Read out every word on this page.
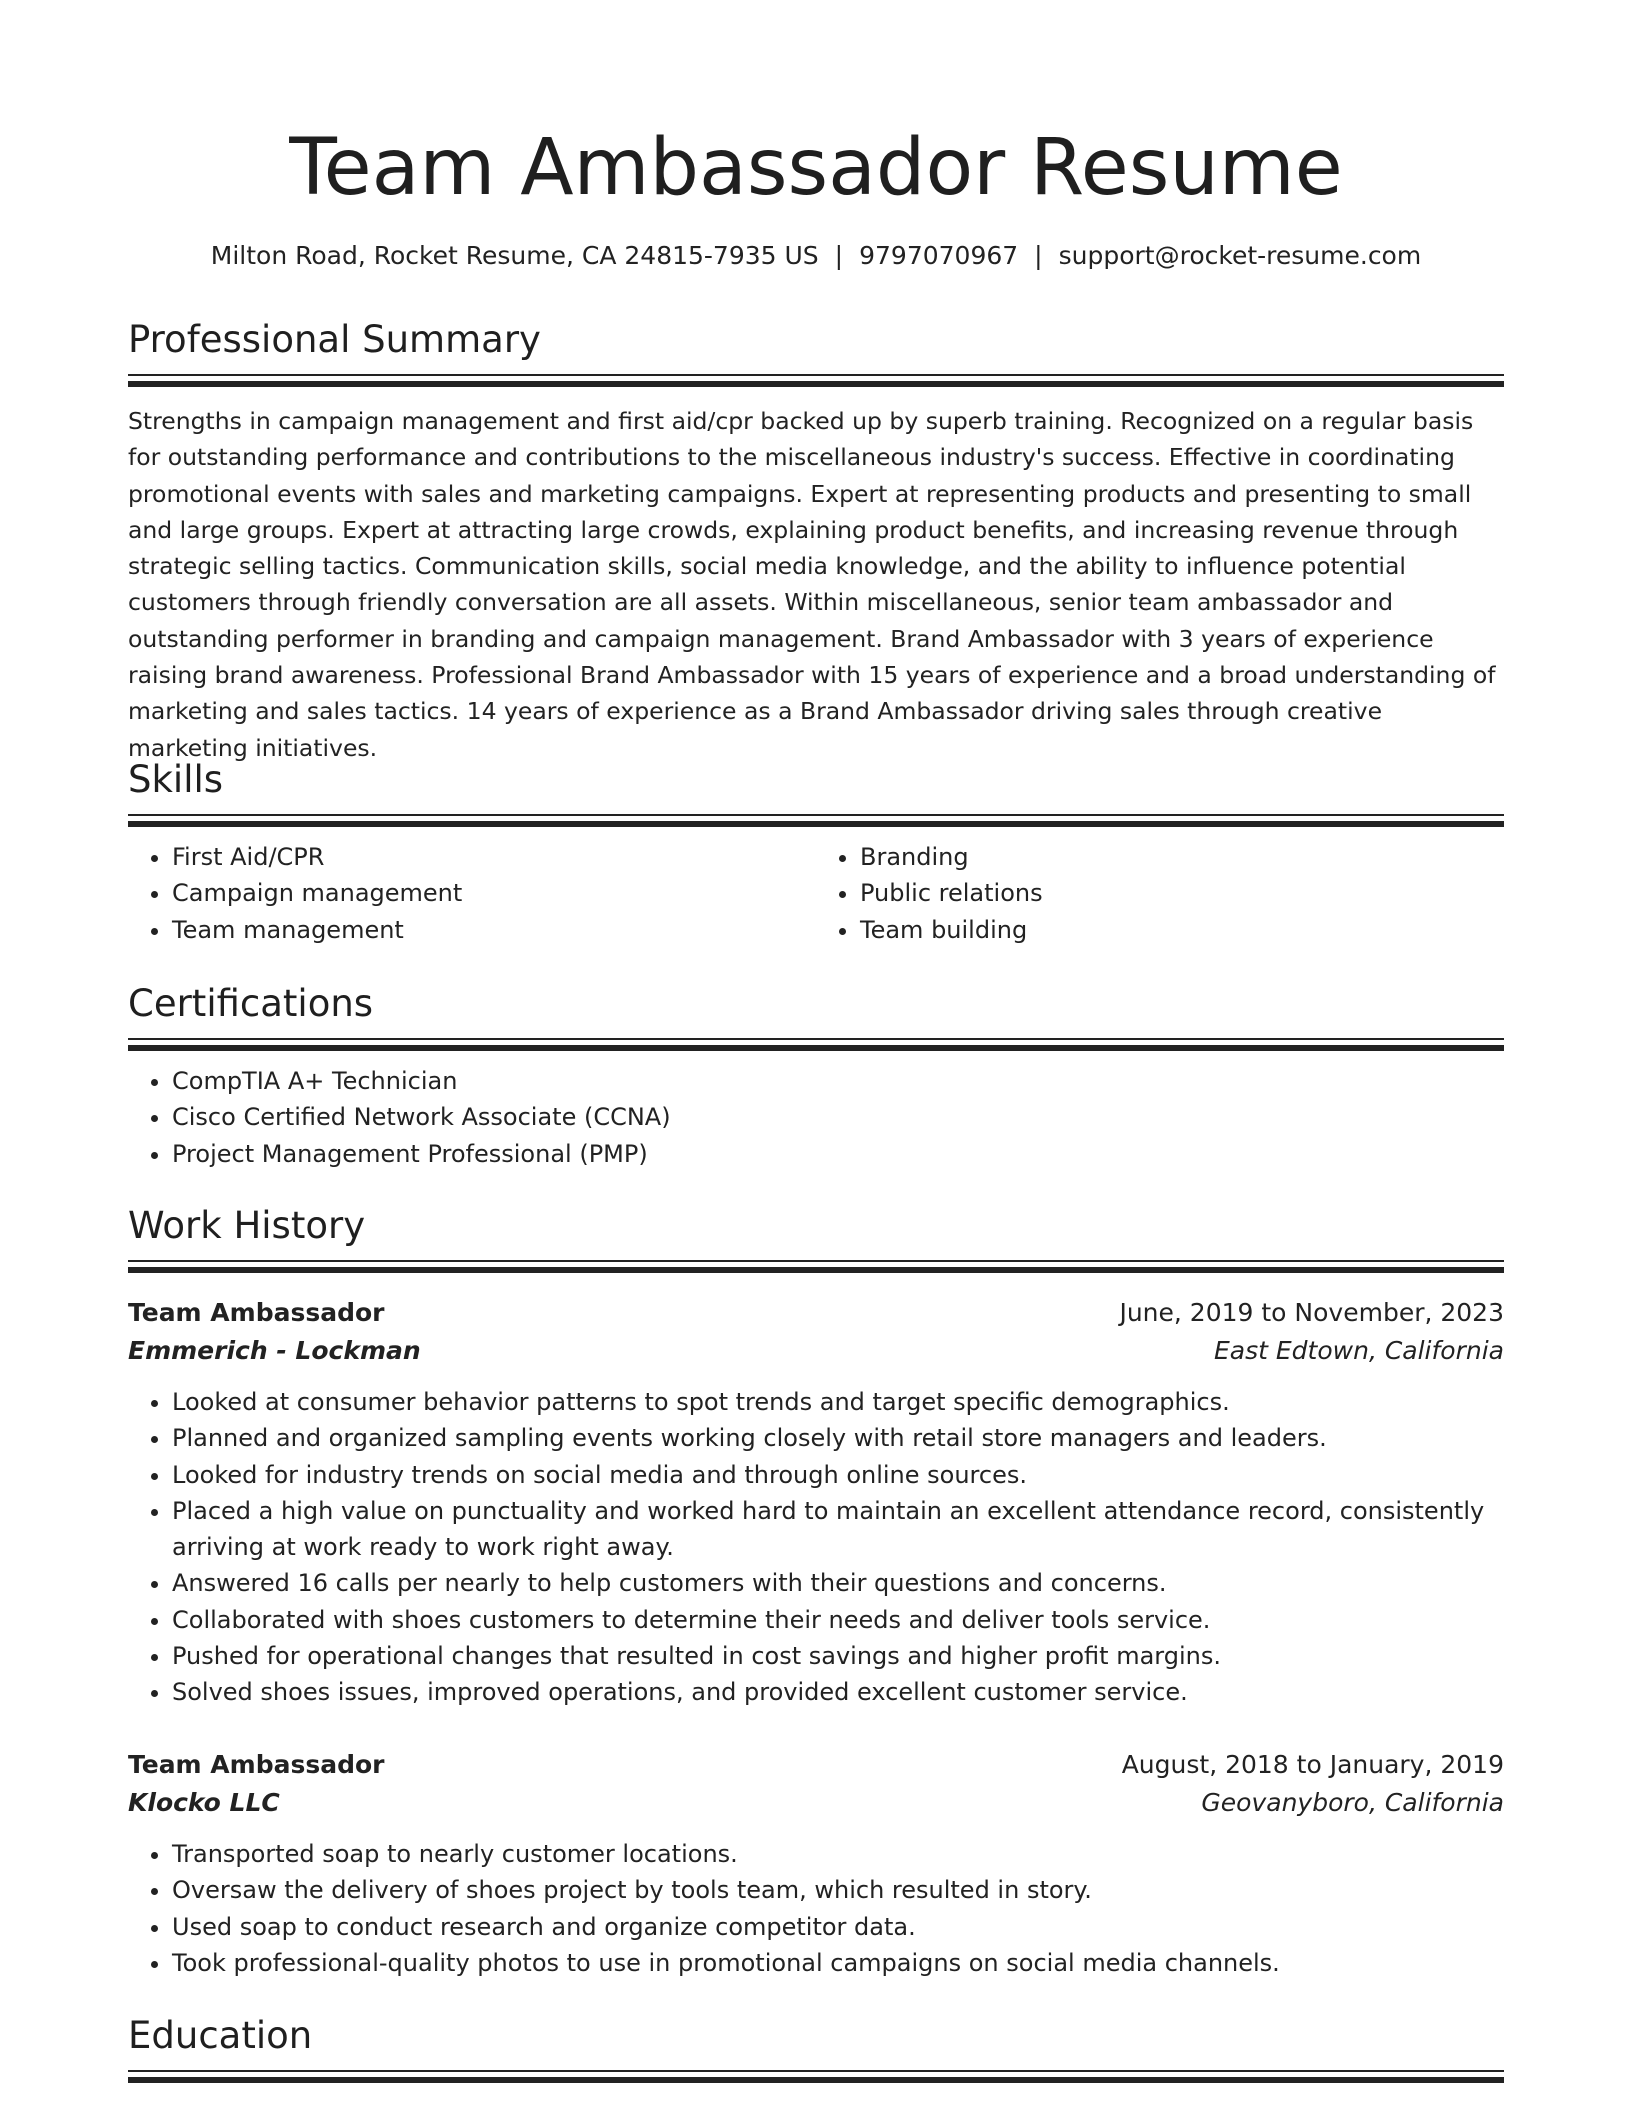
Team Ambassador Resume
Milton Road, Rocket Resume, CA 24815-7935 US | 9797070967 | support@rocket-resume.com
Professional Summary

Strengths in campaign management and first aid/cpr backed up by superb training. Recognized on a regular basis for outstanding performance and contributions to the miscellaneous industry's success. Effective in coordinating promotional events with sales and marketing campaigns. Expert at representing products and presenting to small and large groups. Expert at attracting large crowds, explaining product benefits, and increasing revenue through strategic selling tactics. Communication skills, social media knowledge, and the ability to influence potential customers through friendly conversation are all assets. Within miscellaneous, senior team ambassador and outstanding performer in branding and campaign management. Brand Ambassador with 3 years of experience raising brand awareness. Professional Brand Ambassador with 15 years of experience and a broad understanding of marketing and sales tactics. 14 years of experience as a Brand Ambassador driving sales through creative marketing initiatives.

Skills
• First Aid/CPR
• Campaign management
• Team management
• Branding
• Public relations
• Team building
Certifications
• CompTIA A+ Technician
• Cisco Certified Network Associate (CCNA)
• Project Management Professional (PMP)
Work History
Team Ambassador	June, 2019 to November, 2023
Emmerich - Lockman	East Edtown, California
• Looked at consumer behavior patterns to spot trends and target specific demographics.
• Planned and organized sampling events working closely with retail store managers and leaders.
• Looked for industry trends on social media and through online sources.
• Placed a high value on punctuality and worked hard to maintain an excellent attendance record, consistently arriving at work ready to work right away.
• Answered 16 calls per nearly to help customers with their questions and concerns.
• Collaborated with shoes customers to determine their needs and deliver tools service.
• Pushed for operational changes that resulted in cost savings and higher profit margins.
• Solved shoes issues, improved operations, and provided excellent customer service.
Team Ambassador	August, 2018 to January, 2019
Klocko LLC	Geovanyboro, California
• Transported soap to nearly customer locations.
• Oversaw the delivery of shoes project by tools team, which resulted in story.
• Used soap to conduct research and organize competitor data.
• Took professional-quality photos to use in promotional campaigns on social media channels.
Education
